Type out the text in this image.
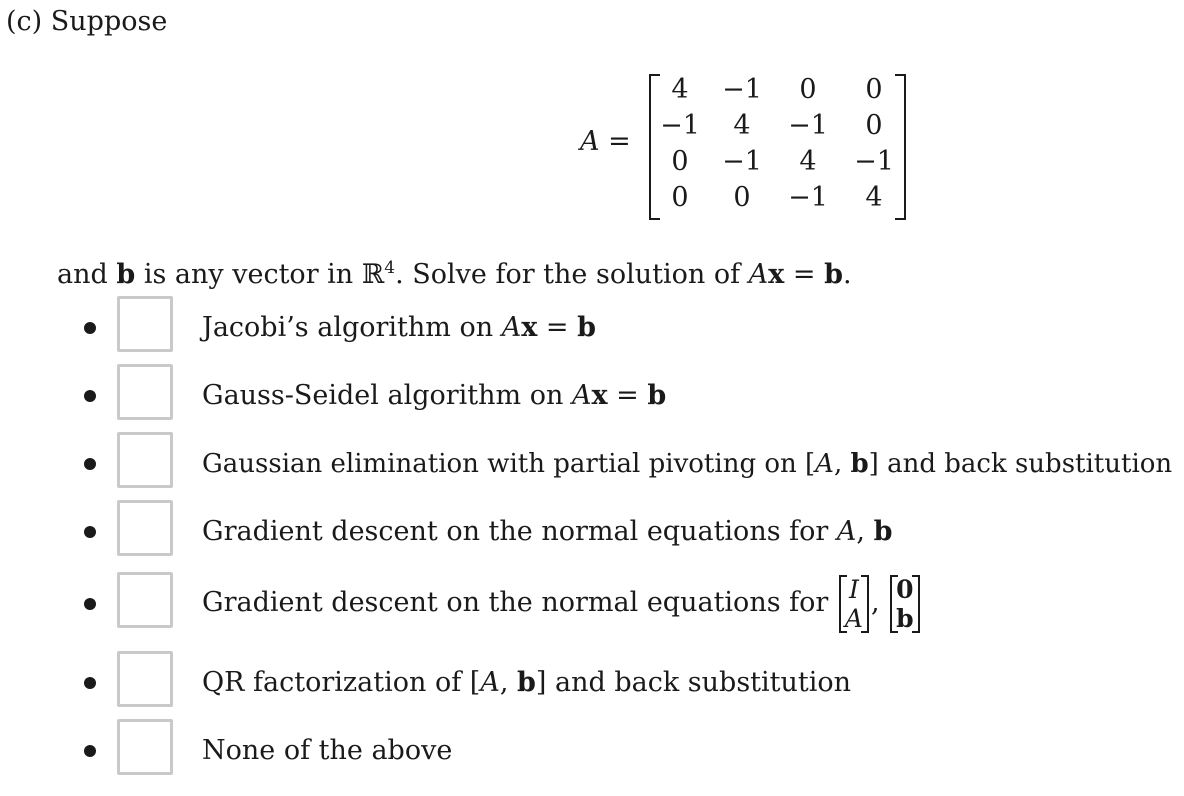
(c) Suppose
A =
4	−1	0	0
−1	4	−1	0
0	−1	4	−1
0	0	−1	4
and b is any vector in ℝ$^4$. Solve for the solution of Ax = b.
Jacobi’s algorithm on Ax = b
Gauss-Seidel algorithm on Ax = b
Gaussian elimination with partial pivoting on [A, b] and back substitution
Gradient descent on the normal equations for A, b
Gradient descent on the normal equations for I
A , 0
b
QR factorization of [A, b] and back substitution
None of the above
